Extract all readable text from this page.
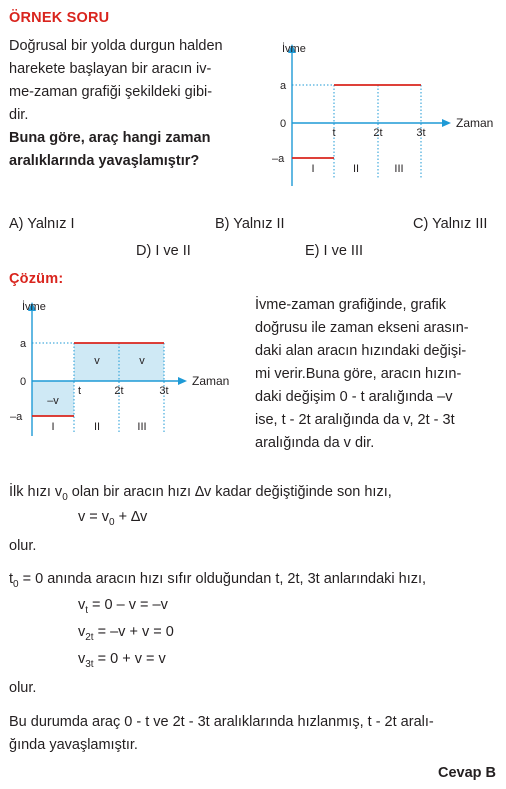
ÖRNEK SORU
Doğrusal bir yolda durgun halden
harekete başlayan bir aracın iv-
me-zaman grafiği şekildeki gibi-
dir.
Buna göre, araç hangi zaman
aralıklarında yavaşlamıştır?
İvme
Zaman
a
0
–a
t	2t	3t
I	II	III
A) Yalnız I	B) Yalnız II	C) Yalnız III
D) I ve II	E) I ve III
Çözüm:
İvme
Zaman
a
0
–a
t	2t	3t
–v
v	v
I	II	III
İvme-zaman grafiğinde, grafik
doğrusu ile zaman ekseni arasın-
daki alan aracın hızındaki değişi-
mi verir.Buna göre, aracın hızın-
daki değişim 0 - t aralığında –v
ise, t - 2t aralığında da v, 2t - 3t
aralığında da v dir.
İlk hızı $v_0$ olan bir aracın hızı ∆v kadar değiştiğinde son hızı,
$v = v_0 + \Delta v$
olur.
$t_0 = 0$ anında aracın hızı sıfır olduğundan t, 2t, 3t anlarındaki hızı,
$v_t = 0 - v = -v$
$v_{2t} = -v + v = 0$
$v_{3t} = 0 + v = v$
olur.
Bu durumda araç 0 - t ve 2t - 3t aralıklarında hızlanmış, t - 2t aralı-
ğında yavaşlamıştır.
Cevap B
